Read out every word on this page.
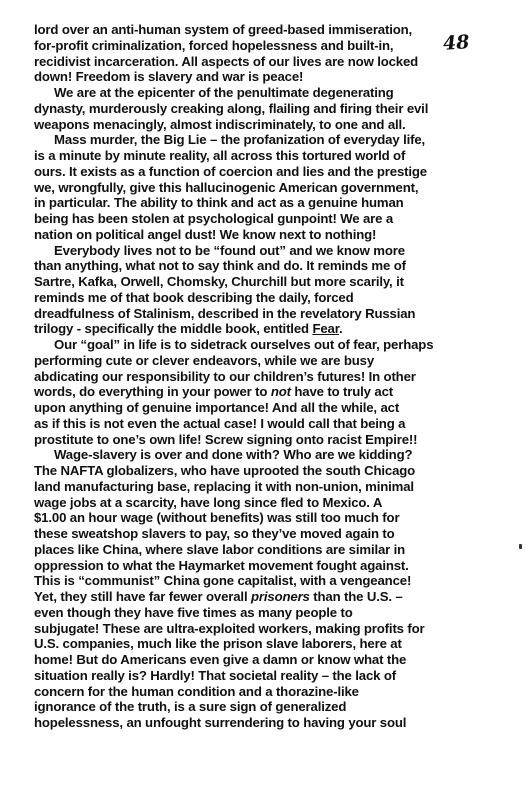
48
lord over an anti-human system of greed-based immiseration,
for-profit criminalization, forced hopelessness and built-in,
recidivist incarceration. All aspects of our lives are now locked
down! Freedom is slavery and war is peace!
We are at the epicenter of the penultimate degenerating
dynasty, murderously creaking along, flailing and firing their evil
weapons menacingly, almost indiscriminately, to one and all.
Mass murder, the Big Lie – the profanization of everyday life,
is a minute by minute reality, all across this tortured world of
ours. It exists as a function of coercion and lies and the prestige
we, wrongfully, give this hallucinogenic American government,
in particular. The ability to think and act as a genuine human
being has been stolen at psychological gunpoint! We are a
nation on political angel dust! We know next to nothing!
Everybody lives not to be “found out” and we know more
than anything, what not to say think and do. It reminds me of
Sartre, Kafka, Orwell, Chomsky, Churchill but more scarily, it
reminds me of that book describing the daily, forced
dreadfulness of Stalinism, described in the revelatory Russian
trilogy - specifically the middle book, entitled Fear.
Our “goal” in life is to sidetrack ourselves out of fear, perhaps
performing cute or clever endeavors, while we are busy
abdicating our responsibility to our children’s futures! In other
words, do everything in your power to not have to truly act
upon anything of genuine importance! And all the while, act
as if this is not even the actual case! I would call that being a
prostitute to one’s own life! Screw signing onto racist Empire!!
Wage-slavery is over and done with? Who are we kidding?
The NAFTA globalizers, who have uprooted the south Chicago
land manufacturing base, replacing it with non-union, minimal
wage jobs at a scarcity, have long since fled to Mexico. A
$1.00 an hour wage (without benefits) was still too much for
these sweatshop slavers to pay, so they’ve moved again to
places like China, where slave labor conditions are similar in
oppression to what the Haymarket movement fought against.
This is “communist” China gone capitalist, with a vengeance!
Yet, they still have far fewer overall prisoners than the U.S. –
even though they have five times as many people to
subjugate! These are ultra-exploited workers, making profits for
U.S. companies, much like the prison slave laborers, here at
home! But do Americans even give a damn or know what the
situation really is? Hardly! That societal reality – the lack of
concern for the human condition and a thorazine-like
ignorance of the truth, is a sure sign of generalized
hopelessness, an unfought surrendering to having your soul
